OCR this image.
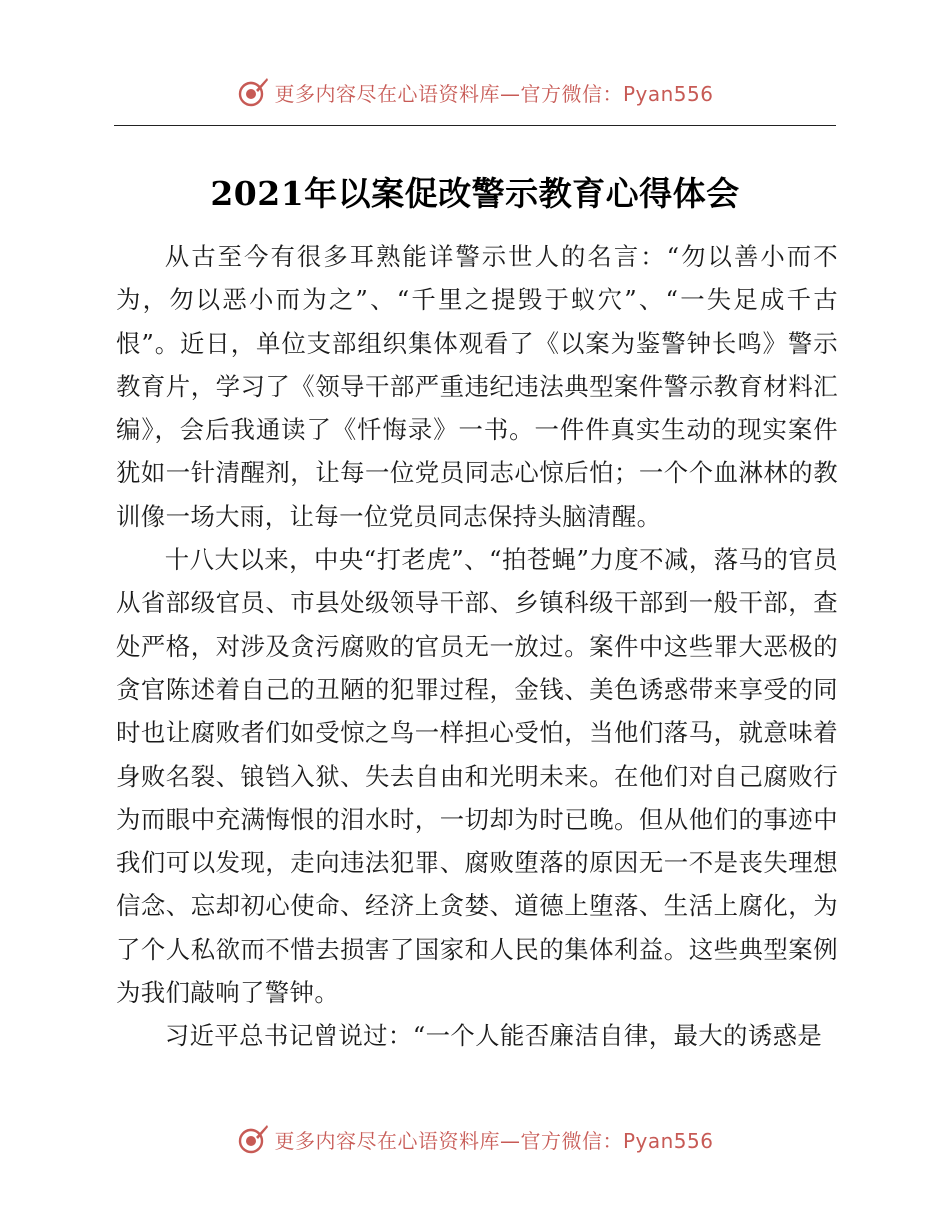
更多内容尽在心语资料库—官方微信：Pyan556
2021年以案促改警示教育心得体会

从古至今有很多耳熟能详警示世人的名言：“勿以善小而不为，勿以恶小而为之”、“千里之提毁于蚁穴”、“一失足成千古恨”。近日，单位支部组织集体观看了《以案为鉴警钟长鸣》警示教育片，学习了《领导干部严重违纪违法典型案件警示教育材料汇编》，会后我通读了《忏悔录》一书。一件件真实生动的现实案件犹如一针清醒剂，让每一位党员同志心惊后怕；一个个血淋林的教训像一场大雨，让每一位党员同志保持头脑清醒。

十八大以来，中央“打老虎”、“拍苍蝇”力度不减，落马的官员从省部级官员、市县处级领导干部、乡镇科级干部到一般干部，查处严格，对涉及贪污腐败的官员无一放过。案件中这些罪大恶极的贪官陈述着自己的丑陋的犯罪过程，金钱、美色诱惑带来享受的同时也让腐败者们如受惊之鸟一样担心受怕，当他们落马，就意味着身败名裂、锒铛入狱、失去自由和光明未来。在他们对自己腐败行为而眼中充满悔恨的泪水时，一切却为时已晚。但从他们的事迹中我们可以发现，走向违法犯罪、腐败堕落的原因无一不是丧失理想信念、忘却初心使命、经济上贪婪、道德上堕落、生活上腐化，为了个人私欲而不惜去损害了国家和人民的集体利益。这些典型案例为我们敲响了警钟。

习近平总书记曾说过：“一个人能否廉洁自律，最大的诱惑是

更多内容尽在心语资料库—官方微信：Pyan556
